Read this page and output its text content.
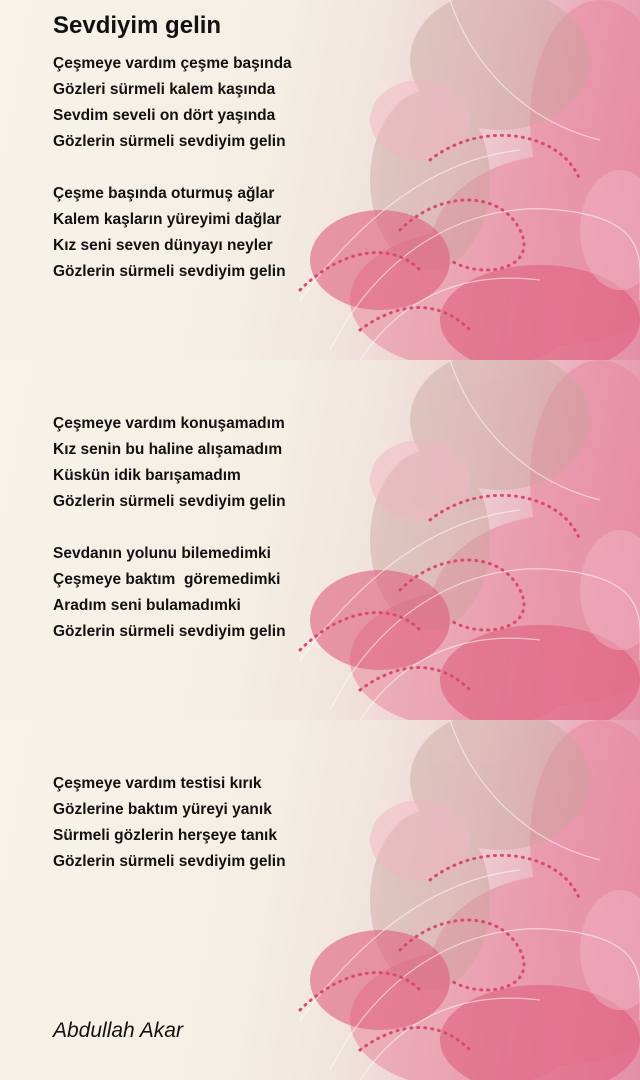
Sevdiyim gelin
Çeşmeye vardım çeşme başında
Gözleri sürmeli kalem kaşında
Sevdim seveli on dört yaşında
Gözlerin sürmeli sevdiyim gelin
Çeşme başında oturmuş ağlar
Kalem kaşların yüreyimi dağlar
Kız seni seven dünyayı neyler
Gözlerin sürmeli sevdiyim gelin
Çeşmeye vardım konuşamadım
Kız senin bu haline alışamadım
Küskün idik barışamadım
Gözlerin sürmeli sevdiyim gelin
Sevdanın yolunu bilemedimki
Çeşmeye baktım  göremedimki
Aradım seni bulamadımki
Gözlerin sürmeli sevdiyim gelin
Çeşmeye vardım testisi kırık
Gözlerine baktım yüreyi yanık
Sürmeli gözlerin herşeye tanık
Gözlerin sürmeli sevdiyim gelin
Abdullah Akar
